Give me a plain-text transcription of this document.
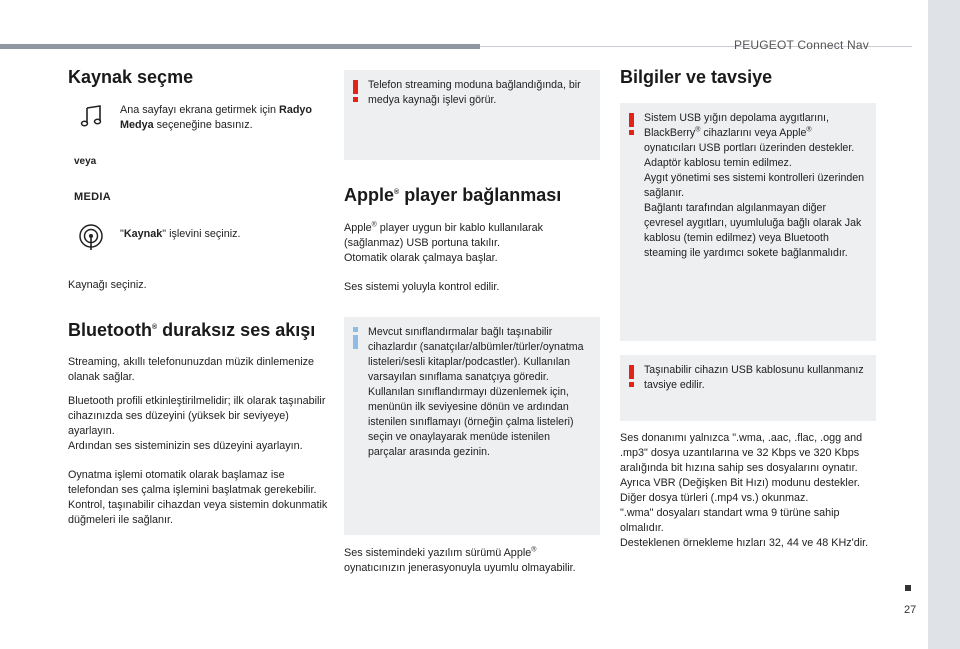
PEUGEOT Connect Nav
Kaynak seçme

Ana sayfayı ekrana getirmek için Radyo Medya seçeneğine basınız.

veya
MEDIA

"Kaynak" işlevini seçiniz.

Kaynağı seçiniz.

Bluetooth® duraksız ses akışı

Streaming, akıllı telefonunuzdan müzik dinlemenize olanak sağlar.

Bluetooth profili etkinleştirilmelidir; ilk olarak taşınabilir cihazınızda ses düzeyini (yüksek bir seviyeye) ayarlayın.

Ardından ses sisteminizin ses düzeyini ayarlayın.

Oynatma işlemi otomatik olarak başlamaz ise telefondan ses çalma işlemini başlatmak gerekebilir.

Kontrol, taşınabilir cihazdan veya sistemin dokunmatik düğmeleri ile sağlanır.

Telefon streaming moduna bağlandığında, bir medya kaynağı işlevi görür.

Apple® player bağlanması

Apple® player uygun bir kablo kullanılarak (sağlanmaz) USB portuna takılır.

Otomatik olarak çalmaya başlar.

Ses sistemi yoluyla kontrol edilir.

Mevcut sınıflandırmalar bağlı taşınabilir cihazlardır (sanatçılar/albümler/türler/oynatma listeleri/sesli kitaplar/podcastler). Kullanılan varsayılan sınıflama sanatçıya göredir. Kullanılan sınıflandırmayı düzenlemek için, menünün ilk seviyesine dönün ve ardından istenilen sınıflamayı (örneğin çalma listeleri) seçin ve onaylayarak menüde istenilen parçalar arasında gezinin.

Ses sistemindeki yazılım sürümü Apple® oynatıcınızın jenerasyonuyla uyumlu olmayabilir.

Bilgiler ve tavsiye

Sistem USB yığın depolama aygıtlarını, BlackBerry® cihazlarını veya Apple® oynatıcıları USB portları üzerinden destekler. Adaptör kablosu temin edilmez.

Aygıt yönetimi ses sistemi kontrolleri üzerinden sağlanır.

Bağlantı tarafından algılanmayan diğer çevresel aygıtları, uyumluluğa bağlı olarak Jak kablosu (temin edilmez) veya Bluetooth steaming ile yardımcı sokete bağlanmalıdır.

Taşınabilir cihazın USB kablosunu kullanmanız tavsiye edilir.

Ses donanımı yalnızca ".wma, .aac, .flac, .ogg and .mp3" dosya uzantılarına ve 32 Kbps ve 320 Kbps aralığında bit hızına sahip ses dosyalarını oynatır.

Ayrıca VBR (Değişken Bit Hızı) modunu destekler.

Diğer dosya türleri (.mp4 vs.) okunmaz.

".wma" dosyaları standart wma 9 türüne sahip olmalıdır.

Desteklenen örnekleme hızları 32, 44 ve 48 KHz'dir.

27
